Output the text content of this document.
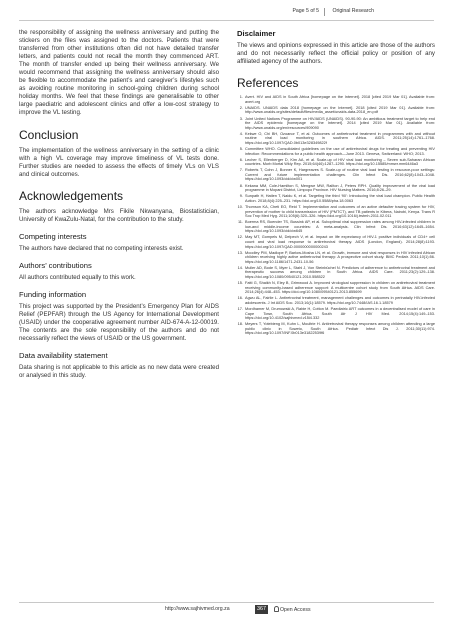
Page 5 of 5	Original Research

the responsibility of assigning the wellness anniversary and putting the stickers on the files was assigned to the doctors. Patients that were transferred from other institutions often did not have detailed transfer letters, and patients could not recall the month they commenced ART. The month of transfer ended up being their wellness anniversary. We would recommend that assigning the wellness anniversary should also be flexible to accommodate the patient’s and caregiver’s lifestyles such as avoiding routine monitoring in school-going children during school holiday months. We feel that these findings are generalisable to other large paediatric and adolescent clinics and offer a low-cost strategy to improve the VL testing.

Conclusion

The implementation of the wellness anniversary in the setting of a clinic with a high VL coverage may improve timeliness of VL tests done. Further studies are needed to assess the effects of timely VLs on VLS and clinical outcomes.

Acknowledgements

The authors acknowledge Mrs Fikile Nkwanyana, Biostatistician, University of KwaZulu-Natal, for the contribution to the study.

Competing interests

The authors have declared that no competing interests exist.

Authors’ contributions

All authors contributed equally to this work.

Funding information

This project was supported by the President’s Emergency Plan for AIDS Relief (PEPFAR) through the US Agency for International Development (USAID) under the cooperative agreement number AID-674-A-12-00019. The contents are the sole responsibility of the authors and do not necessarily reflect the views of USAID or the US government.

Data availability statement

Data sharing is not applicable to this article as no new data were created or analysed in this study.

Disclaimer

The views and opinions expressed in this article are those of the authors and do not necessarily reflect the official policy or position of any affiliated agency of the authors.

References
1. Avert. HIV and AIDS in South Africa [homepage on the Internet]. 2018 [cited 2019 Mar 01]. Available from: avert.org
2. UNAIDS. UNAIDS data 2018 [homepage on the Internet]. 2018 [cited 2019 Mar 01]. Available from: http://www.unaids.org/sites/default/files/media_asset/unaids-data-2018_en.pdf
3. Joint United Nations Programme on HIV/AIDS (UNAIDS). 90-90-90: An ambitious treatment target to help end the AIDS epidemic [homepage on the Internet]. 2014 [cited 2019 Mar 01]. Available from: http://www.unaids.org/en/resources/909090
4. Kekwe O, Chi BH, Ozoanor T, et al. Outcomes of antiretroviral treatment in programmes with and without routine viral load monitoring in southern Africa. AIDS. 2011;25(14):1761–1768. https://doi.org/10.1097/QAD.0b013e328349822f
5. Committee WHO. Consolidated guidelines on the use of antiretroviral drugs for treating and preventing HIV infection: Recommendations for a public health approach—June 2013. Geneva, Switzerland: WHO; 2013.
6. Lecher S, Ellenberger D, Kim AA, et al. Scale-up of HIV viral load monitoring – Seven sub-Saharan African countries. Morb Mortal Wkly Rep. 2015;64(46):1287–1290. https://doi.org/10.15585/mmwr.mm6446a3
7. Roberts T, Cohn J, Bonner K, Hargreaves S. Scale-up of routine viral load testing in resource-poor settings: Current and future implementation challenges. Clin Infect Dis. 2016;62(8):1043–1048. https://doi.org/10.1093/cid/ciw001
8. Kekana MM, Cole-Hamilton S, Mengwe MW, Railton J, Peters RPH. Quality improvement of the viral load programme in Mopani District, Limpopo Province. HIV Nursing Matters. 2016;8:26–29.
9. Sunpath H, Hatlen T, Naidu K, et al. Targeting the third ‘90’: Introducing the viral load champion. Public Health Action. 2018;8(4):225–231. https://doi.org/10.5588/pha.18.0063
10. Thomson KA, Cheti EO, Reid T. Implementation and outcomes of an active defaulter tracing system for HIV, prevention of mother to child transmission of HIV (PMTCT), and TB patients in Kibera, Nairobi, Kenya. Trans R Soc Trop Med Hyg. 2011;105(6):320–326. https://doi.org/10.1016/j.trstmh.2011.02.011
11. Boerma RS, Boender TS, Bussink AP, et al. Suboptimal viral suppression rates among HIV-infected children in low-and middle-income countries: A meta-analysis. Clin Infect Dis. 2016;63(12):1645–1654. https://doi.org/10.1093/cid/ciw645
12. May MT, Gompels M, Delpech V, et al. Impact on life expectancy of HIV-1 positive individuals of CD4+ cell count and viral load response to antiretroviral therapy. AIDS (London, England). 2014;28(8):1193. https://doi.org/10.1097/QAD.0000000000000243
13. Moodley PM, Madlope P, Barlow-Mosha LN, et al. Growth, immune and viral responses in HIV infected African children receiving highly active antiretroviral therapy: A prospective cohort study. BMC Pediatr. 2011;10(1):56. https://doi.org/10.1186/1471-2431-10-56
14. Muller AD, Bode S, Myer L, Stahl J, Von Steinbüchel N. Predictors of adherence to antiretroviral treatment and therapeutic success among children in South Africa. AIDS Care. 2011;23(2):129–138. https://doi.org/10.1080/09540121.2010.558522
15. Fatti G, Shaikh N, Eley B, Grimwood A. Improved virological suppression in children on antiretroviral treatment receiving community-based adherence support: A multicentre cohort study from South Africa. AIDS Care. 2014;26(4):448–453. https://doi.org/10.1080/09540121.2013.855699
16. Agwu AL, Fairlie L. Antiretroviral treatment, management challenges and outcomes in perinatally HIV-infected adolescents. J Int AIDS Soc. 2013;16(1):18579. https://doi.org/10.7448/IAS.16.1.18579
17. Mordhamer M, Drumowski A, Rabie H, Cotton M. Paediatric ART outcomes in a decentralised model of care in Cape Town, South Africa. South Afr J HIV Med. 2014;15(4):149–153. https://doi.org/10.4102/sajhivmed.v15i4.332
18. Meyers T, Yotebieng M, Kuhn L, Moultrie H. Antiretroviral therapy responses among children attending a large public clinic in Soweto, South Africa. Pediatr Infect Dis J. 2011;30(11):974. https://doi.org/10.1097/INF.0b013e31822539f6
http://www.sajhivmed.org.za	367	Open Access
